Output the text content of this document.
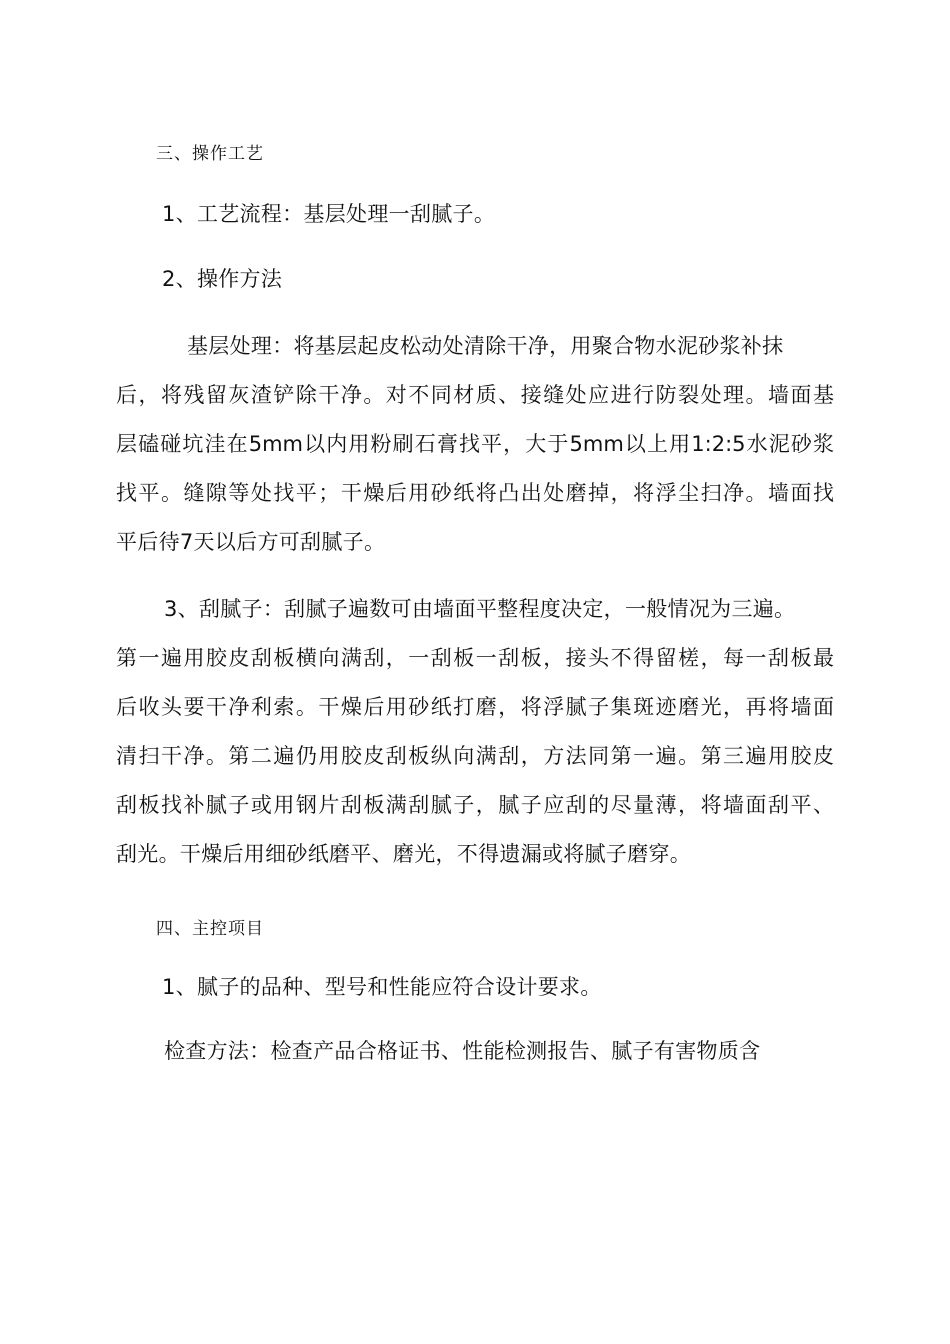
三、操作工艺
1、工艺流程：基层处理一刮腻子。
2、操作方法
基层处理：将基层起皮松动处清除干净，用聚合物水泥砂浆补抹
后，将残留灰渣铲除干净。对不同材质、接缝处应进行防裂处理。墙面基
层磕碰坑洼在5mm以内用粉刷石膏找平，大于5mm以上用1:2:5水泥砂浆
找平。缝隙等处找平；干燥后用砂纸将凸出处磨掉，将浮尘扫净。墙面找
平后待7天以后方可刮腻子。
3、刮腻子：刮腻子遍数可由墙面平整程度决定，一般情况为三遍。
第一遍用胶皮刮板横向满刮，一刮板一刮板，接头不得留槎，每一刮板最
后收头要干净利索。干燥后用砂纸打磨，将浮腻子集斑迹磨光，再将墙面
清扫干净。第二遍仍用胶皮刮板纵向满刮，方法同第一遍。第三遍用胶皮
刮板找补腻子或用钢片刮板满刮腻子，腻子应刮的尽量薄，将墙面刮平、
刮光。干燥后用细砂纸磨平、磨光，不得遗漏或将腻子磨穿。
四、主控项目
1、腻子的品种、型号和性能应符合设计要求。
检查方法：检查产品合格证书、性能检测报告、腻子有害物质含
